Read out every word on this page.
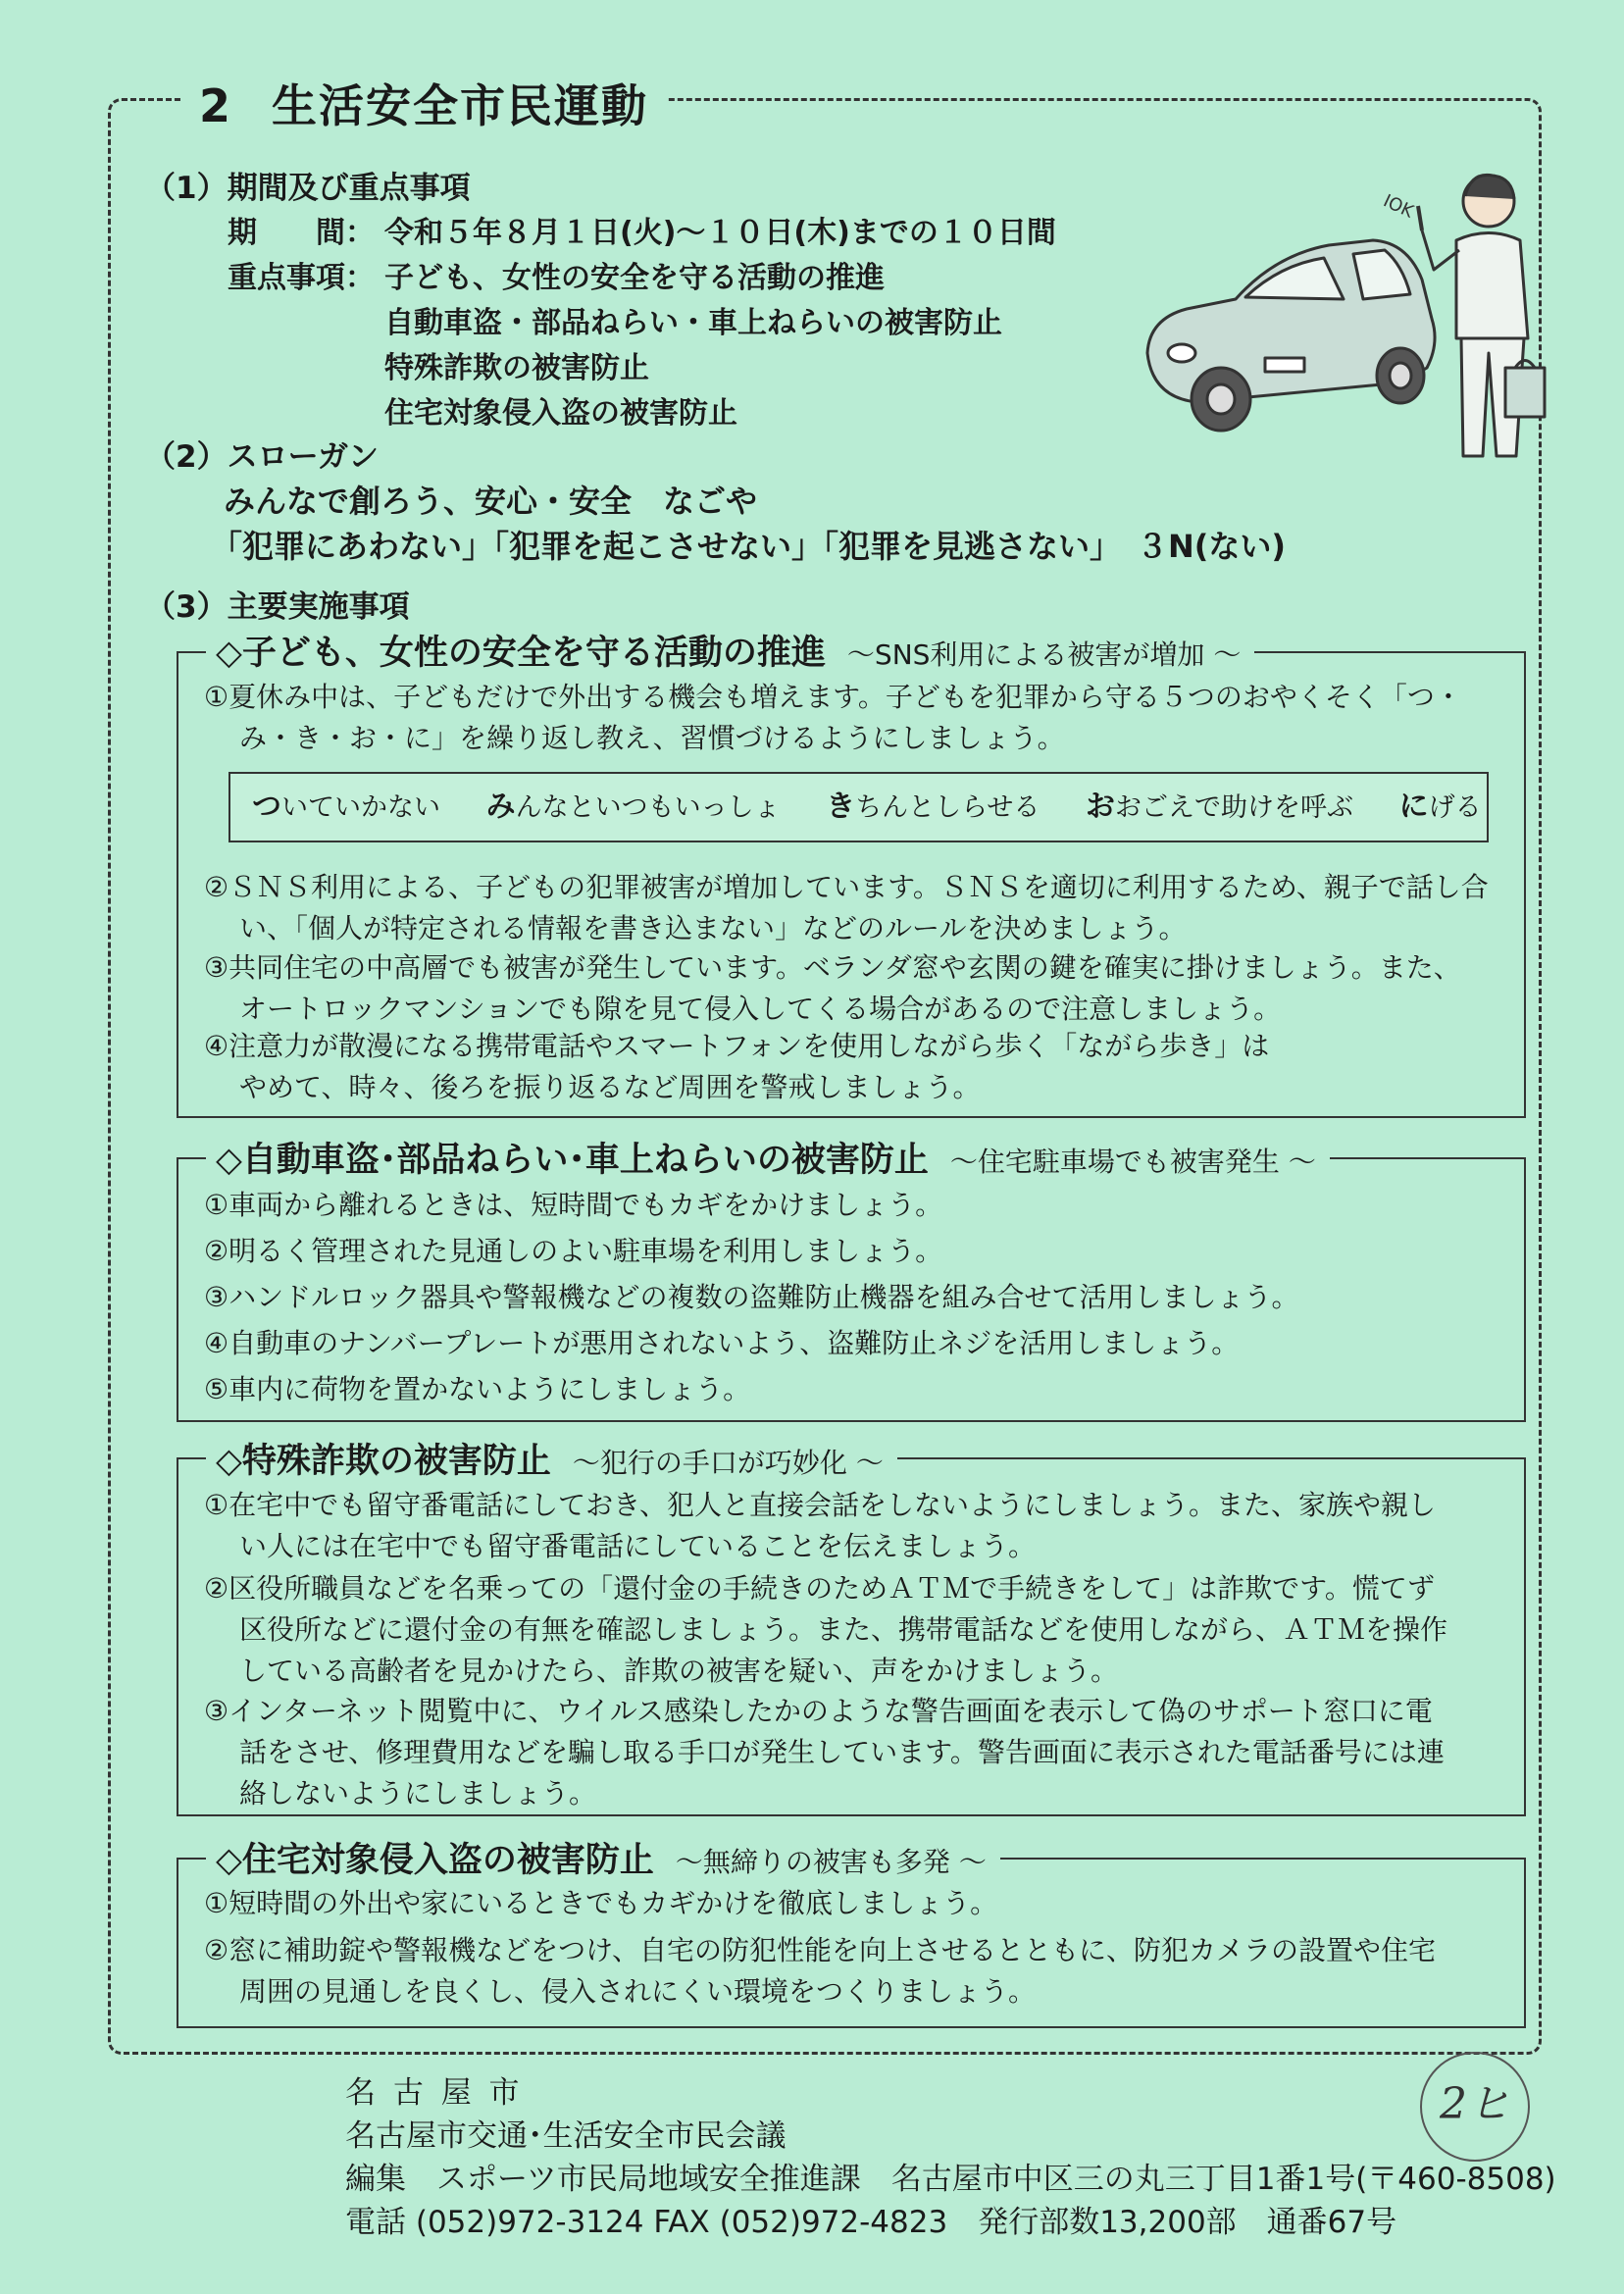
2 生活安全市民運動
（1）期間及び重点事項
期　　間： 令和５年８月１日(火)～１０日(木)までの１０日間
重点事項： 子ども、女性の安全を守る活動の推進
自動車盗・部品ねらい・車上ねらいの被害防止
特殊詐欺の被害防止
住宅対象侵入盗の被害防止
（2）スローガン
みんなで創ろう、安心・安全　なごや
「犯罪にあわない」「犯罪を起こさせない」「犯罪を見逃さない」　３N(ない)
IOK
（3）主要実施事項
◇子ども、女性の安全を守る活動の推進 ～SNS利用による被害が増加 ～
①夏休み中は、子どもだけで外出する機会も増えます。子どもを犯罪から守る５つのおやくそく「つ・
み・き・お・に」を繰り返し教え、習慣づけるようにしましょう。
ついていかない みんなといつもいっしょ きちんとしらせる おおごえで助けを呼ぶ にげる
②ＳＮＳ利用による、子どもの犯罪被害が増加しています。ＳＮＳを適切に利用するため、親子で話し合
い、「個人が特定される情報を書き込まない」などのルールを決めましょう。
③共同住宅の中高層でも被害が発生しています。ベランダ窓や玄関の鍵を確実に掛けましょう。また、
オートロックマンションでも隙を見て侵入してくる場合があるので注意しましょう。
④注意力が散漫になる携帯電話やスマートフォンを使用しながら歩く「ながら歩き」は
やめて、時々、後ろを振り返るなど周囲を警戒しましょう。
◇自動車盗･部品ねらい･車上ねらいの被害防止 ～住宅駐車場でも被害発生 ～
①車両から離れるときは、短時間でもカギをかけましょう。
②明るく管理された見通しのよい駐車場を利用しましょう。
③ハンドルロック器具や警報機などの複数の盗難防止機器を組み合せて活用しましょう。
④自動車のナンバープレートが悪用されないよう、盗難防止ネジを活用しましょう。
⑤車内に荷物を置かないようにしましょう。
◇特殊詐欺の被害防止 ～犯行の手口が巧妙化 ～
①在宅中でも留守番電話にしておき、犯人と直接会話をしないようにしましょう。また、家族や親し
い人には在宅中でも留守番電話にしていることを伝えましょう。
②区役所職員などを名乗っての「還付金の手続きのためＡＴＭで手続きをして」は詐欺です。慌てず
区役所などに還付金の有無を確認しましょう。また、携帯電話などを使用しながら、ＡＴＭを操作
している高齢者を見かけたら、詐欺の被害を疑い、声をかけましょう。
③インターネット閲覧中に、ウイルス感染したかのような警告画面を表示して偽のサポート窓口に電
話をさせ、修理費用などを騙し取る手口が発生しています。警告画面に表示された電話番号には連
絡しないようにしましょう。
◇住宅対象侵入盗の被害防止 ～無締りの被害も多発 ～
①短時間の外出や家にいるときでもカギかけを徹底しましょう。
②窓に補助錠や警報機などをつけ、自宅の防犯性能を向上させるとともに、防犯カメラの設置や住宅
周囲の見通しを良くし、侵入されにくい環境をつくりましょう。
名 古 屋 市
名古屋市交通･生活安全市民会議
編集　スポーツ市民局地域安全推進課　名古屋市中区三の丸三丁目1番1号(〒460-8508)
電話 (052)972-3124 FAX (052)972-4823　発行部数13,200部　通番67号
2ヒ
